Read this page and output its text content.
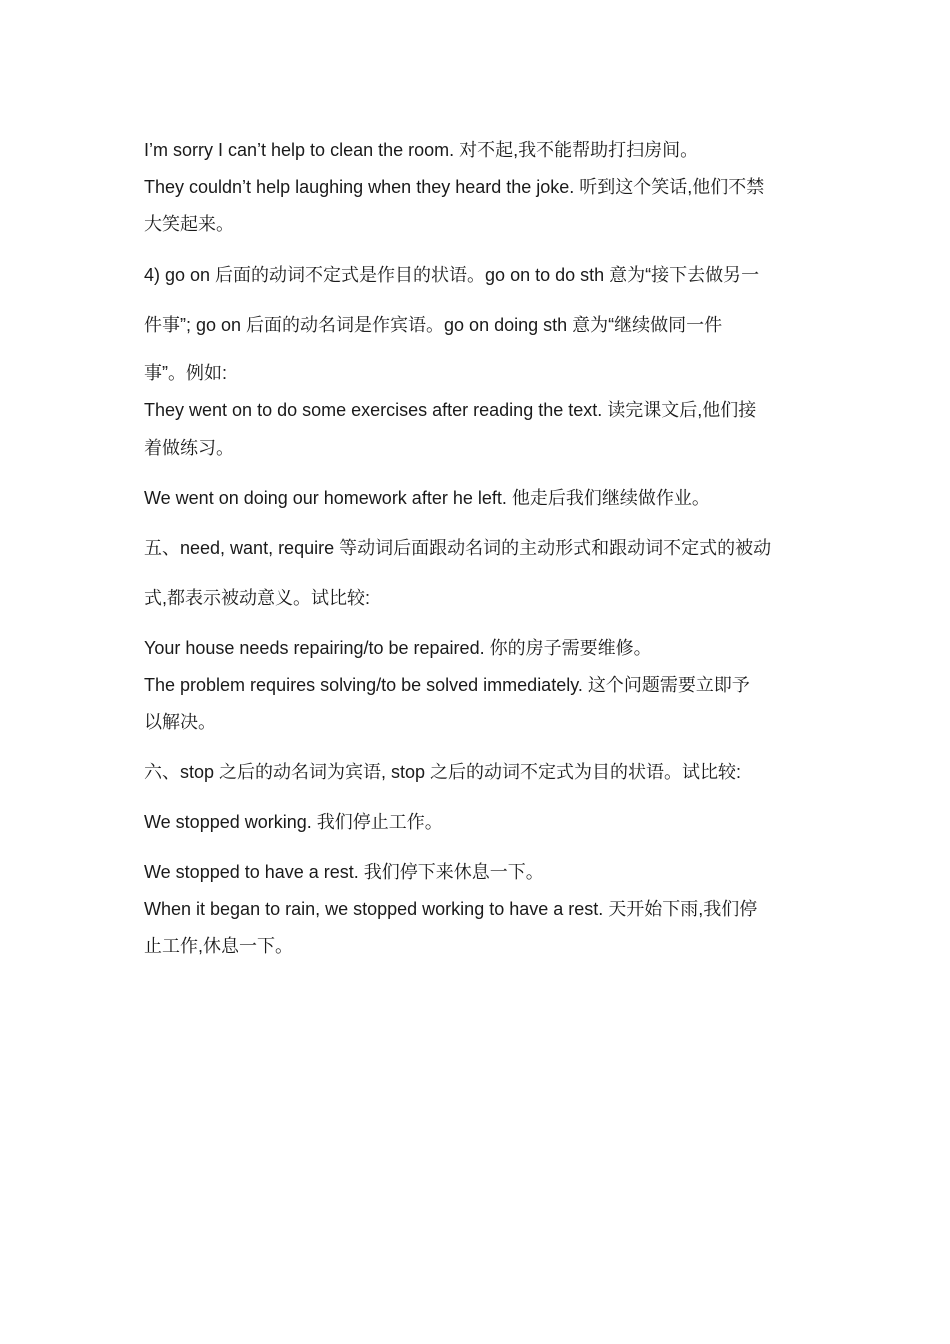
I’m sorry I can’t help to clean the room. 对不起,我不能帮助打扫房间。
They couldn’t help laughing when they heard the joke. 听到这个笑话,他们不禁
大笑起来。
4) go on 后面的动词不定式是作目的状语。go on to do sth 意为“接下去做另一
件事”; go on 后面的动名词是作宾语。go on doing sth 意为“继续做同一件
事”。例如:
They went on to do some exercises after reading the text. 读完课文后,他们接
着做练习。
We went on doing our homework after he left. 他走后我们继续做作业。
五、need, want, require 等动词后面跟动名词的主动形式和跟动词不定式的被动
式,都表示被动意义。试比较:
Your house needs repairing/to be repaired. 你的房子需要维修。
The problem requires solving/to be solved immediately. 这个问题需要立即予
以解决。
六、stop 之后的动名词为宾语, stop 之后的动词不定式为目的状语。试比较:
We stopped working. 我们停止工作。
We stopped to have a rest. 我们停下来休息一下。
When it began to rain, we stopped working to have a rest. 天开始下雨,我们停
止工作,休息一下。
